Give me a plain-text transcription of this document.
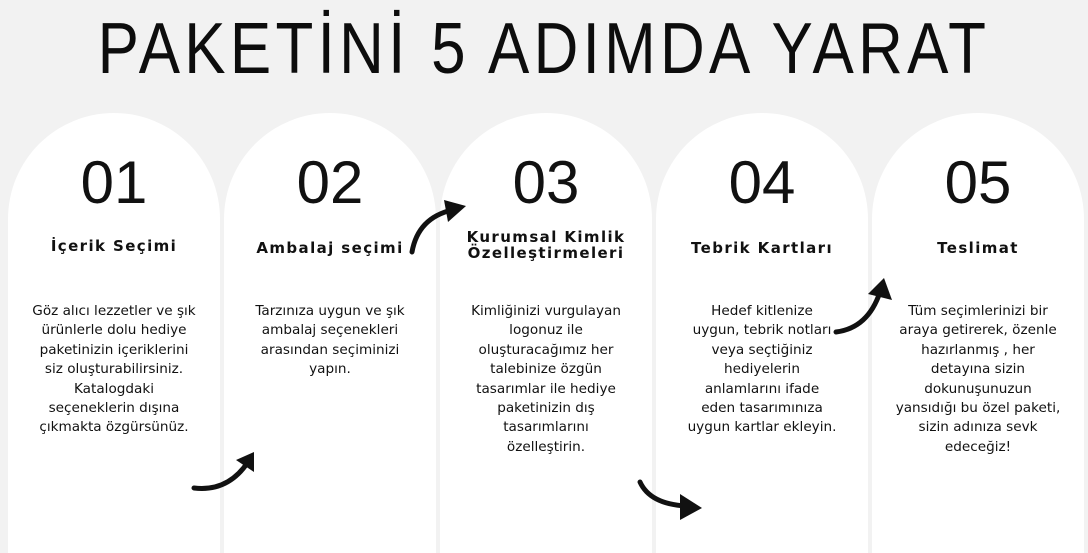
PAKETİNİ 5 ADIMDA YARAT
01
İçerik Seçimi
Göz alıcı lezzetler ve şık ürünlerle dolu hediye paketinizin içeriklerini siz oluşturabilirsiniz. Katalogdaki seçeneklerin dışına çıkmakta özgürsünüz.
02
Ambalaj seçimi
Tarzınıza uygun ve şık ambalaj seçenekleri arasından seçiminizi yapın.
03
Kurumsal Kimlik Özelleştirmeleri
Kimliğinizi vurgulayan logonuz ile oluşturacağımız her talebinize özgün tasarımlar ile hediye paketinizin dış tasarımlarını özelleştirin.
04
Tebrik Kartları
Hedef kitlenize uygun, tebrik notları veya seçtiğiniz hediyelerin anlamlarını ifade eden tasarımınıza uygun kartlar ekleyin.
05
Teslimat
Tüm seçimlerinizi bir araya getirerek, özenle hazırlanmış , her detayına sizin dokunuşunuzun yansıdığı bu özel paketi, sizin adınıza sevk edeceğiz!
